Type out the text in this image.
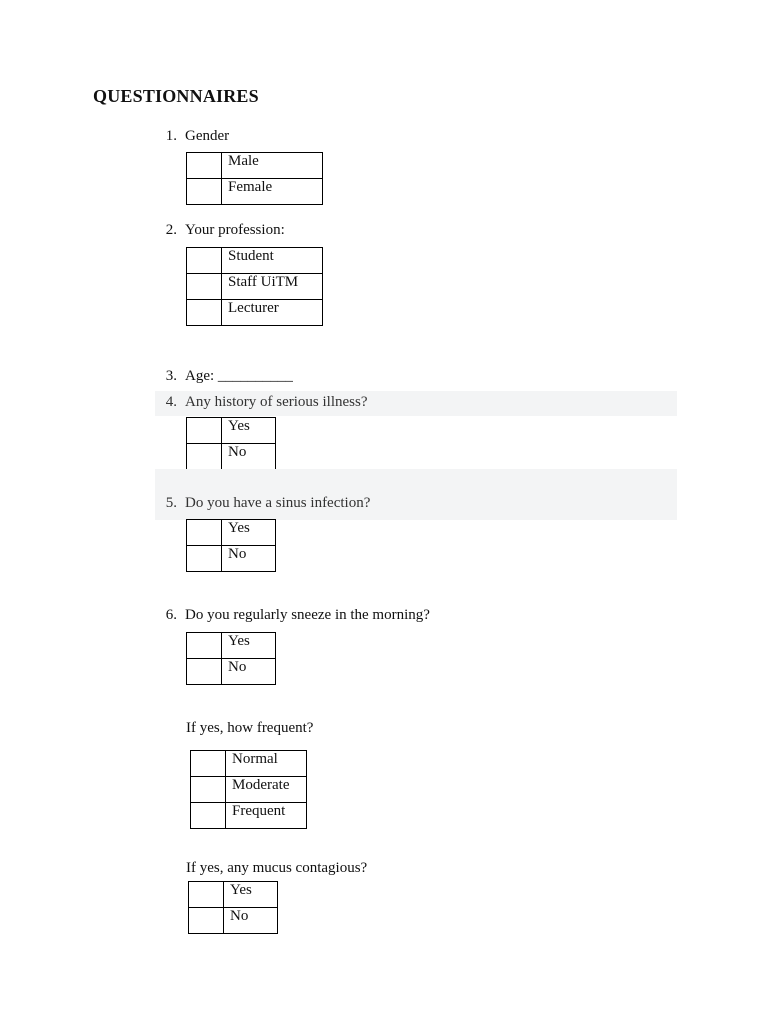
QUESTIONNAIRES
1. Gender
	Male
	Female
2. Your profession:
	Student
	Staff UiTM
	Lecturer
3. Age: __________
4. Any history of serious illness?
	Yes
	No
5. Do you have a sinus infection?
	Yes
	No
6. Do you regularly sneeze in the morning?
	Yes
	No
If yes, how frequent?
	Normal
	Moderate
	Frequent
If yes, any mucus contagious?
	Yes
	No
